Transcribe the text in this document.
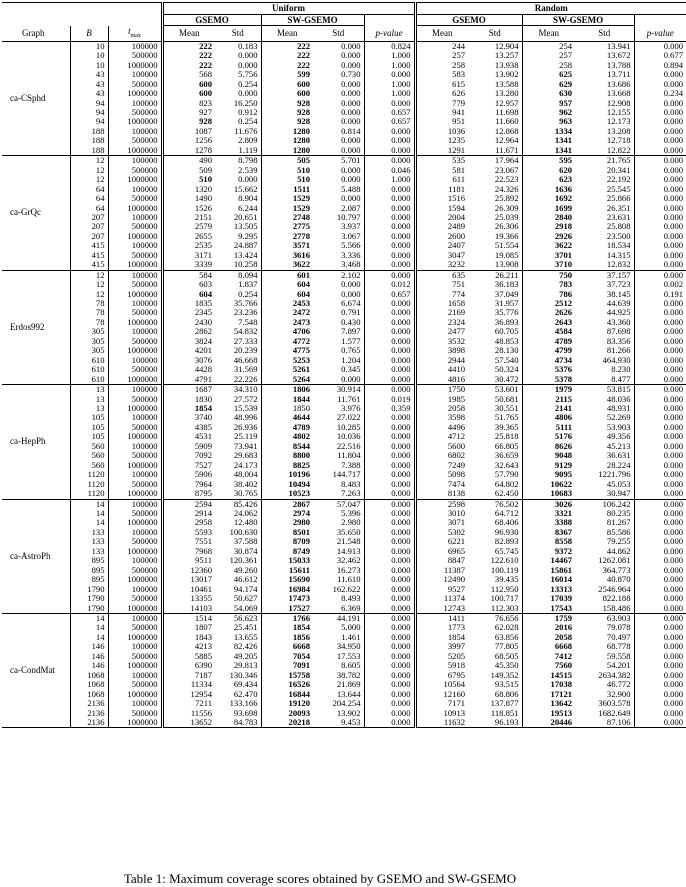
			Uniform					Random				
			GSEMO		SW-GSEMO			GSEMO		SW-GSEMO		
Graph	B	$t_{max}$	Mean	Std	Mean	Std	p-value	Mean	Std	Mean	Std	p-value
ca-CSphd	10	100000	222	0.183	222	0.000	0.824	244	12.904	254	13.941	0.000
	10	500000	222	0.000	222	0.000	1.000	257	13.257	257	13.672	0.677
	10	1000000	222	0.000	222	0.000	1.000	258	13.938	258	13.788	0.894
	43	100000	568	5.756	599	0.730	0.000	583	13.902	625	13.711	0.000
	43	500000	600	0.254	600	0.000	1.000	615	13.588	629	13.686	0.000
	43	1000000	600	0.000	600	0.000	1.000	626	13.280	630	13.668	0.234
	94	100000	823	16.250	928	0.000	0.000	779	12.957	957	12.908	0.000
	94	500000	927	0.912	928	0.000	0.657	941	11.698	962	12.155	0.000
	94	1000000	928	0.254	928	0.000	0.657	951	11.660	963	12.173	0.000
	188	100000	1087	11.676	1280	0.814	0.000	1036	12.868	1334	13.208	0.000
	188	500000	1256	2.809	1280	0.000	0.000	1235	12.964	1341	12.718	0.000
	188	1000000	1278	1.119	1280	0.000	0.000	1291	11.671	1341	12.822	0.000
ca-GrQc	12	100000	490	8.798	505	5.701	0.000	535	17.964	595	21.765	0.000
	12	500000	509	2.539	510	0.000	0.046	581	23.067	620	20.341	0.000
	12	1000000	510	0.000	510	0.000	1.000	611	22.523	623	22.192	0.000
	64	100000	1320	15.662	1511	5.488	0.000	1181	24.326	1636	25.545	0.000
	64	500000	1490	8.904	1529	0.000	0.000	1516	25.892	1692	25.866	0.000
	64	1000000	1526	6.244	1529	2.087	0.000	1594	26.309	1699	26.351	0.000
	207	100000	2151	20.651	2748	10.797	0.000	2004	25.039	2840	23.631	0.000
	207	500000	2579	13.505	2775	3.937	0.000	2489	26.306	2918	25.808	0.000
	207	1000000	2655	9.295	2778	3.067	0.000	2600	19.366	2926	23.500	0.000
	415	100000	2535	24.887	3571	5.566	0.000	2407	51.554	3622	18.534	0.000
	415	500000	3171	13.424	3616	3.336	0.000	3047	19.085	3701	14.315	0.000
	415	1000000	3339	10.258	3622	3.468	0.000	3232	13.908	3710	12.832	0.000
Erdos992	12	100000	584	8.094	601	2.102	0.000	635	26.211	750	37.157	0.000
	12	500000	603	1.837	604	0.000	0.012	751	36.183	783	37.723	0.002
	12	1000000	604	0.254	604	0.000	0.657	774	37.049	786	38.145	0.191
	78	100000	1835	35.766	2453	6.674	0.000	1658	31.957	2512	44.639	0.000
	78	500000	2345	23.236	2472	0.791	0.000	2169	35.776	2626	44.925	0.000
	78	1000000	2430	7.548	2473	0.430	0.000	2324	36.893	2643	43.360	0.000
	305	100000	2862	54.832	4706	7.897	0.000	2477	60.705	4584	87.698	0.000
	305	500000	3824	27.333	4772	1.577	0.000	3532	48.853	4789	83.356	0.000
	305	1000000	4201	20.239	4775	0.765	0.000	3898	28.130	4799	81.266	0.000
	610	100000	3076	46.668	5253	1.204	0.000	2944	57.540	4734	464.930	0.000
	610	500000	4428	31.569	5261	0.345	0.000	4410	50.324	5376	8.230	0.000
	610	1000000	4791	22.226	5264	0.000	0.000	4816	30.472	5378	8.477	0.000
ca-HepPh	13	100000	1687	34.310	1806	30.914	0.000	1750	53.601	1979	53.815	0.000
	13	500000	1830	27.572	1844	11.761	0.019	1985	50.681	2115	48.036	0.000
	13	1000000	1854	15.539	1850	3.976	0.359	2058	30.551	2141	48.931	0.000
	105	100000	3740	48.996	4644	27.022	0.000	3598	51.765	4806	52.269	0.000
	105	500000	4385	26.936	4789	10.285	0.000	4496	39.365	5111	53.903	0.000
	105	1000000	4531	25.119	4802	10.036	0.000	4712	25.818	5176	49.356	0.000
	560	100000	5909	73.941	8544	22.516	0.000	5600	66.805	8626	45.213	0.000
	560	500000	7092	29.683	8800	11.804	0.000	6802	36.659	9048	36.631	0.000
	560	1000000	7527	24.173	8825	7.388	0.000	7249	32.643	9129	28.224	0.000
	1120	100000	5906	48.004	10196	144.717	0.000	5098	57.790	9095	1221.796	0.000
	1120	500000	7964	38.402	10494	8.483	0.000	7474	64.802	10622	45.053	0.000
	1120	1000000	8795	30.765	10523	7.263	0.000	8138	62.450	10683	30.947	0.000
ca-AstroPh	14	100000	2594	85.426	2867	57.047	0.000	2598	76.502	3026	106.242	0.000
	14	500000	2914	24.062	2974	5.396	0.000	3010	64.712	3321	80.235	0.000
	14	1000000	2958	12.480	2980	2.980	0.000	3071	68.406	3388	81.267	0.000
	133	100000	5593	100.630	8501	35.650	0.000	5302	96.930	8367	85.586	0.000
	133	500000	7551	37.588	8709	21.548	0.000	6221	82.893	8558	79.255	0.000
	133	1000000	7968	30.874	8749	14.913	0.000	6965	65.745	9372	44.862	0.000
	895	100000	9511	120.361	15033	32.462	0.000	8847	122.610	14467	1262.081	0.000
	895	500000	12360	49.260	15611	16.273	0.000	11387	100.119	15861	364.773	0.000
	895	1000000	13017	46.612	15690	11.610	0.000	12490	39.435	16014	40.870	0.000
	1790	100000	10461	94.174	16984	162.622	0.000	9527	112.950	13313	2546.964	0.000
	1790	500000	13355	50.627	17473	8.493	0.000	11374	100.717	17039	822.188	0.000
	1790	1000000	14103	54.069	17527	6.369	0.000	12743	112.303	17543	158.486	0.000
ca-CondMat	14	100000	1514	56.623	1766	44.191	0.000	1411	76.656	1759	63.903	0.000
	14	500000	1807	25.451	1854	5.000	0.000	1773	62.028	2016	79.078	0.000
	14	1000000	1843	13.655	1856	1.461	0.000	1854	63.856	2058	70.497	0.000
	146	100000	4213	82.426	6668	34.950	0.000	3997	77.805	6668	68.778	0.000
	146	500000	5885	49.205	7054	17.553	0.000	5205	68.505	7412	59.558	0.000
	146	1000000	6390	29.813	7091	8.605	0.000	5918	45.350	7560	54.201	0.000
	1068	100000	7187	130.346	15758	38.782	0.000	6795	149.352	14515	2634.382	0.000
	1068	500000	11334	69.434	16526	21.869	0.000	10564	93.515	17038	46.772	0.000
	1068	1000000	12954	62.470	16844	13.644	0.000	12160	68.806	17121	32.900	0.000
	2136	100000	7211	133.166	19120	204.254	0.000	7171	137.877	13642	3603.578	0.000
	2136	500000	11556	93.698	20093	13.902	0.000	10913	118.851	19513	1682.649	0.000
	2136	1000000	13652	84.783	20218	9.453	0.000	11632	96.193	20446	87.106	0.000
Table 1: Maximum coverage scores obtained by GSEMO and SW-GSEMO
